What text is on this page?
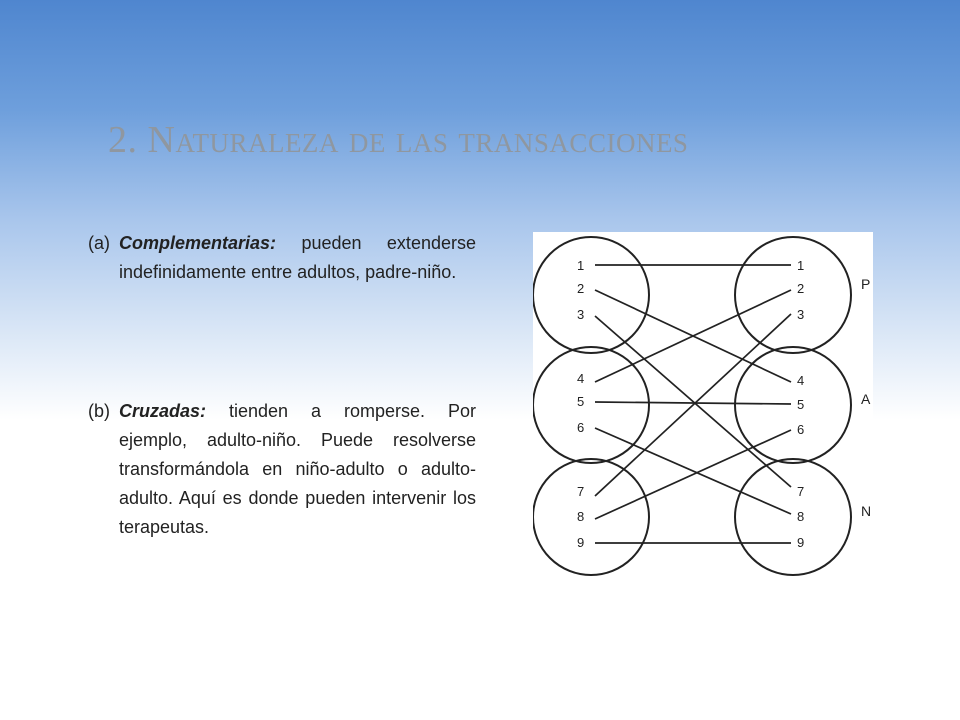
2. Naturaleza de las transacciones
(a) Complementarias: pueden extenderse indefinidamente entre adultos, padre-niño.
(b) Cruzadas: tienden a romperse. Por ejemplo, adulto-niño. Puede resolverse transformándola en niño-adulto o adulto-adulto. Aquí es donde pueden intervenir los terapeutas.
1
2
3
4
5
6
7
8
9
1
2
3
4
5
6
7
8
9
P
A
N
